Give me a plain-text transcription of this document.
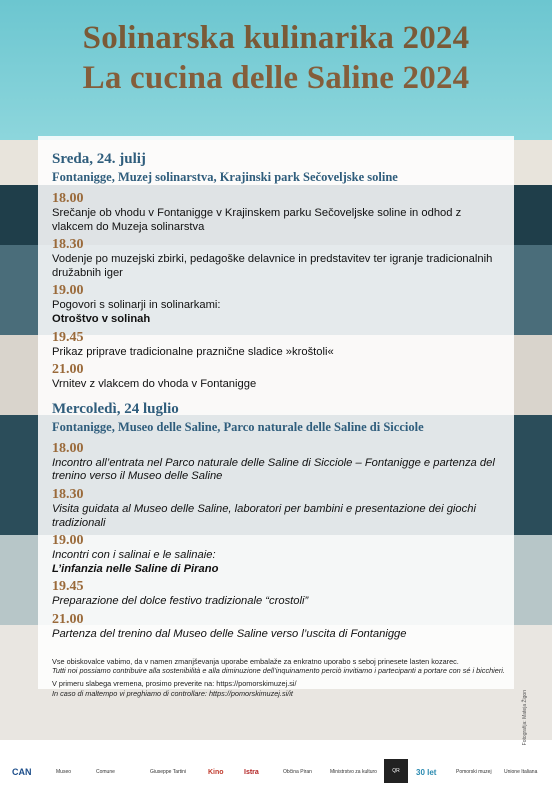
Solinarska kulinarika 2024
La cucina delle Saline 2024
Sreda, 24. julij
Fontanigge, Muzej solinarstva, Krajinski park Sečoveljske soline
18.00
Srečanje ob vhodu v Fontanigge v Krajinskem parku Sečoveljske soline in odhod z vlakcem do Muzeja solinarstva
18.30
Vodenje po muzejski zbirki, pedagoške delavnice in predstavitev ter igranje tradicionalnih družabnih iger
19.00
Pogovori s solinarji in solinarkami:
Otroštvo v solinah
19.45
Prikaz priprave tradicionalne praznične sladice »kroštoli«
21.00
Vrnitev z vlakcem do vhoda v Fontanigge
Mercoledì, 24 luglio
Fontanigge, Museo delle Saline, Parco naturale delle Saline di Sicciole
18.00
Incontro all’entrata nel Parco naturale delle Saline di Sicciole – Fontanigge e partenza del trenino verso il Museo delle Saline
18.30
Visita guidata al Museo delle Saline, laboratori per bambini e presentazione dei giochi tradizionali
19.00
Incontri con i salinai e le salinaie:
L’infanzia nelle Saline di Pirano
19.45
Preparazione del dolce festivo tradizionale “crostoli”
21.00
Partenza del trenino dal Museo delle Saline verso l’uscita di Fontanigge
Vse obiskovalce vabimo, da v namen zmanjševanja uporabe embalaže za enkratno uporabo s seboj prinesete lasten kozarec.
Tutti noi possiamo contribuire alla sostenibilità e alla diminuzione dell’inquinamento perciò invitiamo i partecipanti a portare con sé i bicchieri.
V primeru slabega vremena, prosimo preverite na: https://pomorskimuzej.si/
In caso di maltempo vi preghiamo di controllare: https://pomorskimuzej.si/it	Fotografija: Mateja Žigon
CAN	Museo	Comune	Giuseppe Tartini	Kino	Istra	Občina Piran	Ministrstvo za kulturo	QR	30 let	Pomorski muzej Unione Italiana
